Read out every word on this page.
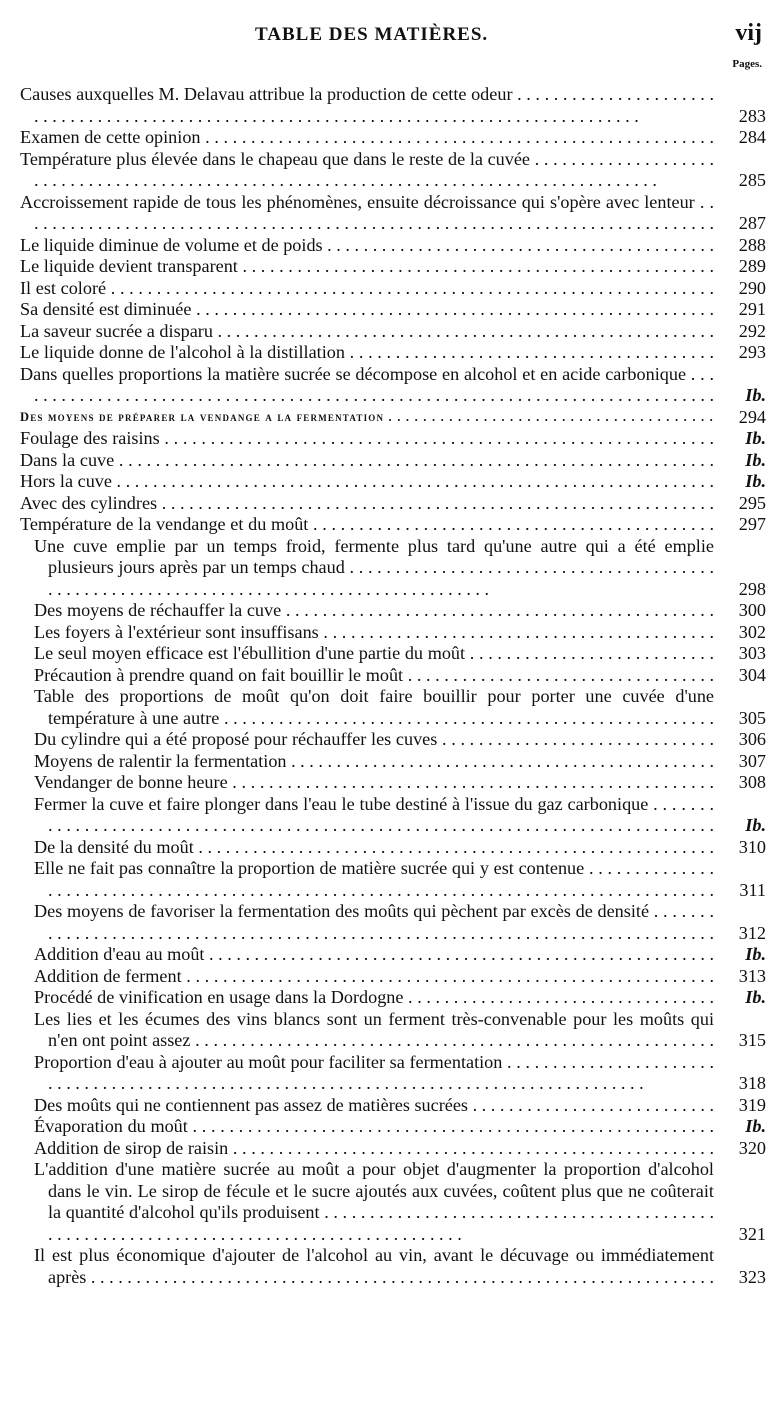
TABLE DES MATIÈRES.	vij
Pages.
Causes auxquelles M. Delavau attribue la production de cette odeur . . .
283
Examen de cette opinion . . .	284
Température plus élevée dans le chapeau que dans le reste de la cuvée . . .
285
Accroissement rapide de tous les phénomènes, ensuite décroissance qui s'opère avec lenteur . . .
287
Le liquide diminue de volume et de poids . . .	288
Le liquide devient transparent . . .	289
Il est coloré . . .	290
Sa densité est diminuée . . .	291
La saveur sucrée a disparu . . .	292
Le liquide donne de l'alcohol à la distillation . . .	293
Dans quelles proportions la matière sucrée se décompose en alcohol et en acide carbonique . . .
Ib.
Des moyens de préparer la vendange a la fermentation . . .	294
Foulage des raisins . . .	Ib.
Dans la cuve . . .	Ib.
Hors la cuve . . .	Ib.
Avec des cylindres . . .	295
Température de la vendange et du moût . . .	297
Une cuve emplie par un temps froid, fermente plus tard qu'une autre qui a été emplie plusieurs jours après par un temps chaud . . .
298
Des moyens de réchauffer la cuve . . .	300
Les foyers à l'extérieur sont insuffisans . . .	302
Le seul moyen efficace est l'ébullition d'une partie du moût . . .	303
Précaution à prendre quand on fait bouillir le moût . . .	304
Table des proportions de moût qu'on doit faire bouillir pour porter une cuvée d'une température à une autre . . .	305
Du cylindre qui a été proposé pour réchauffer les cuves . . .	306
Moyens de ralentir la fermentation . . .	307
Vendanger de bonne heure . . .	308
Fermer la cuve et faire plonger dans l'eau le tube destiné à l'issue du gaz carbonique . . .
Ib.
De la densité du moût . . .	310
Elle ne fait pas connaître la proportion de matière sucrée qui y est contenue . . .
311
Des moyens de favoriser la fermentation des moûts qui pèchent par excès de densité . . .
312
Addition d'eau au moût . . .	Ib.
Addition de ferment . . .	313
Procédé de vinification en usage dans la Dordogne . . .	Ib.
Les lies et les écumes des vins blancs sont un ferment très-convenable pour les moûts qui n'en ont point assez . . .	315
Proportion d'eau à ajouter au moût pour faciliter sa fermentation . . .
318
Des moûts qui ne contiennent pas assez de matières sucrées . . .	319
Évaporation du moût . . .	Ib.
Addition de sirop de raisin . . .	320
L'addition d'une matière sucrée au moût a pour objet d'augmenter la proportion d'alcohol dans le vin. Le sirop de fécule et le sucre ajoutés aux cuvées, coûtent plus que ne coûterait la quantité d'alcohol qu'ils produisent . . .
321
Il est plus économique d'ajouter de l'alcohol au vin, avant le décuvage ou immédiatement après . . .	323
